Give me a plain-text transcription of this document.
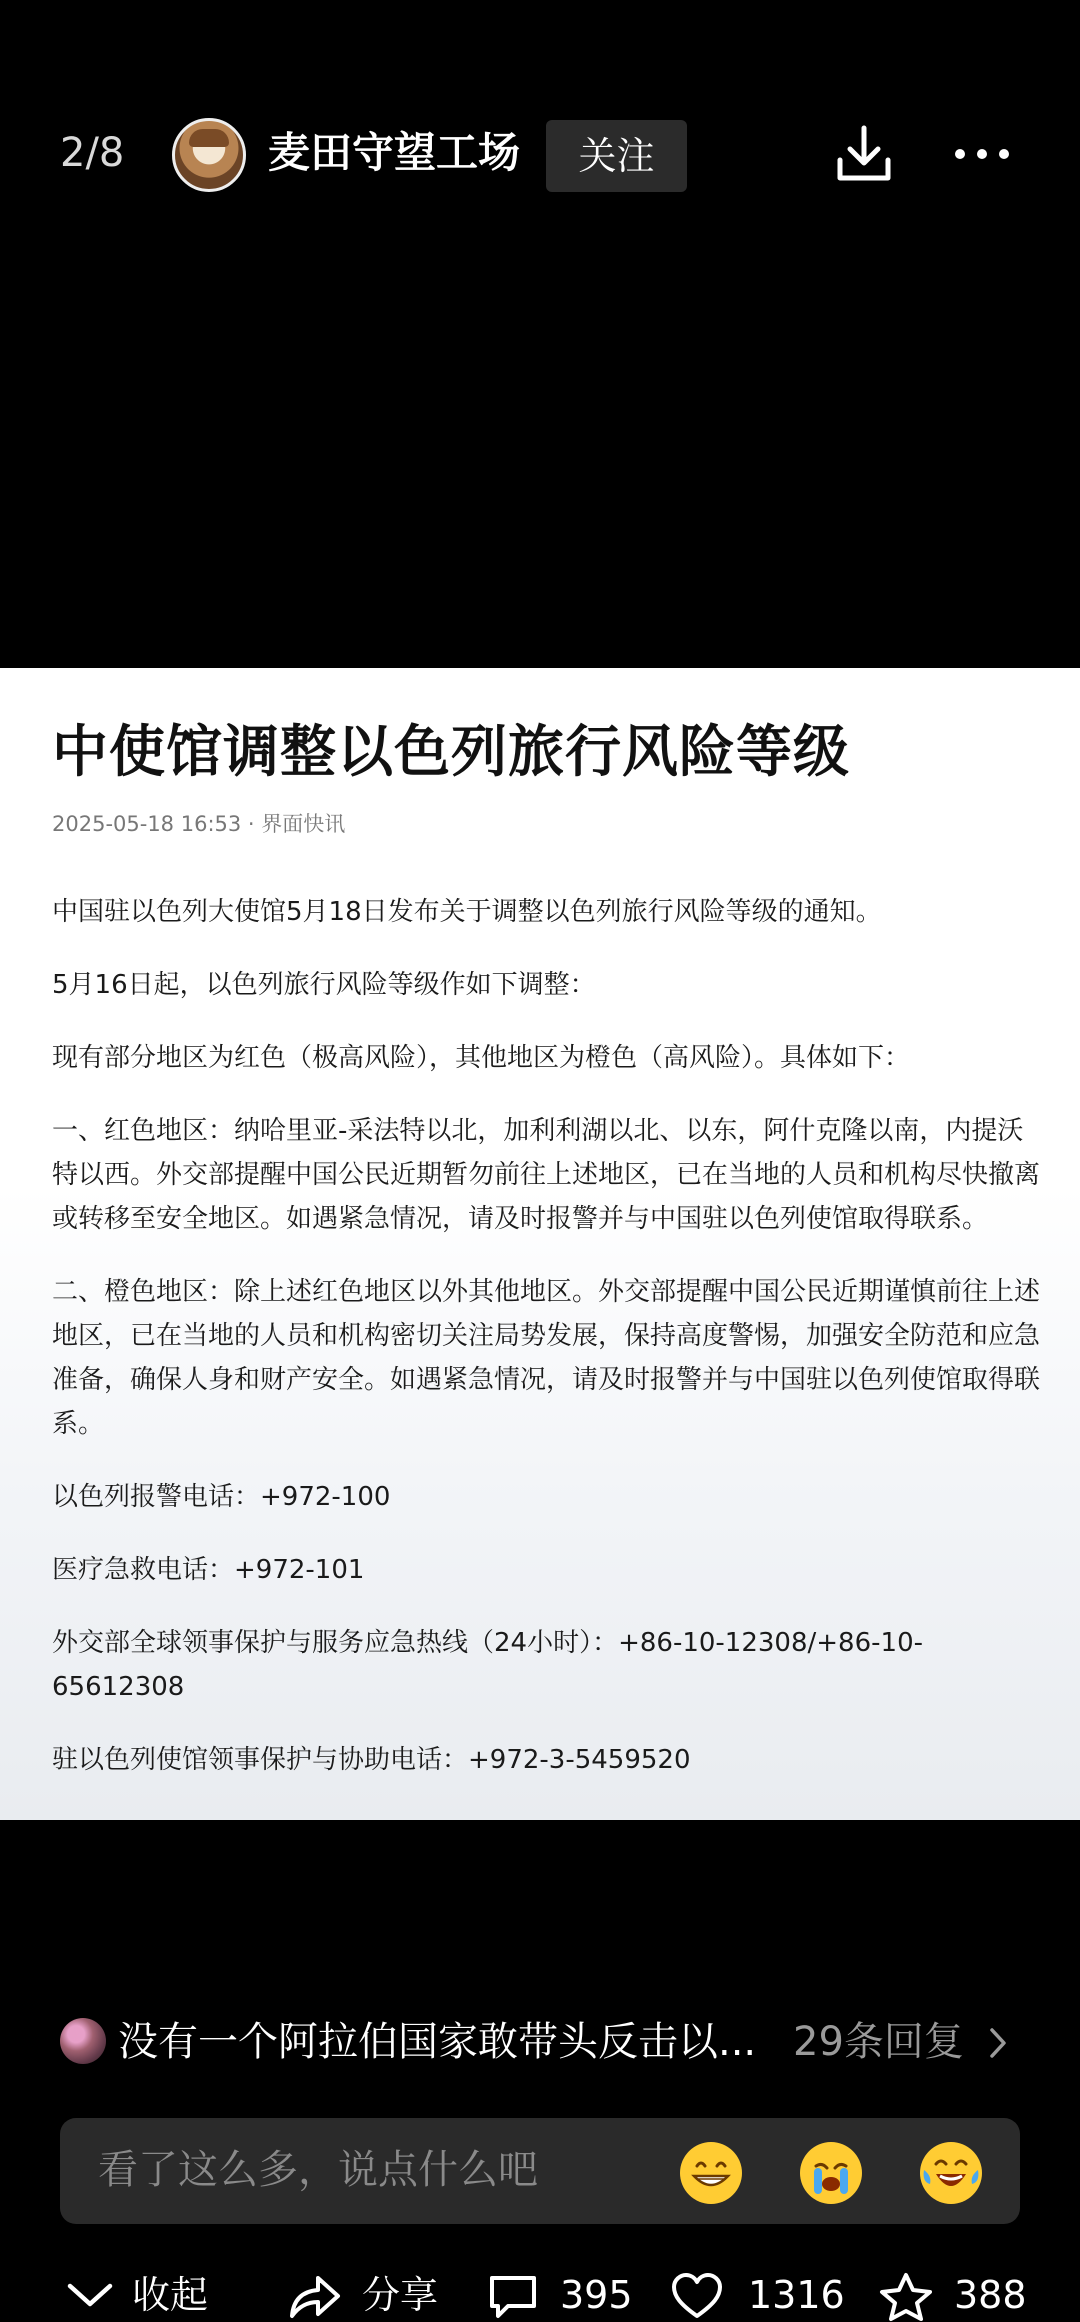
2/8	麦田守望工场	关注
中使馆调整以色列旅行风险等级
2025-05-18 16:53 · 界面快讯

中国驻以色列大使馆5月18日发布关于调整以色列旅行风险等级的通知。

5月16日起，以色列旅行风险等级作如下调整：

现有部分地区为红色（极高风险），其他地区为橙色（高风险）。具体如下：

一、红色地区：纳哈里亚-采法特以北，加利利湖以北、以东，阿什克隆以南，内提沃特以西。外交部提醒中国公民近期暂勿前往上述地区，已在当地的人员和机构尽快撤离或转移至安全地区。如遇紧急情况，请及时报警并与中国驻以色列使馆取得联系。

二、橙色地区：除上述红色地区以外其他地区。外交部提醒中国公民近期谨慎前往上述地区，已在当地的人员和机构密切关注局势发展，保持高度警惕，加强安全防范和应急准备，确保人身和财产安全。如遇紧急情况，请及时报警并与中国驻以色列使馆取得联系。

以色列报警电话：+972-100

医疗急救电话：+972-101

外交部全球领事保护与服务应急热线（24小时）：+86-10-12308/+86-10-65612308

驻以色列使馆领事保护与协助电话：+972-3-5459520

没有一个阿拉伯国家敢带头反击以... 29条回复
看了这么多，说点什么吧
收起	分享	395	1316	388
